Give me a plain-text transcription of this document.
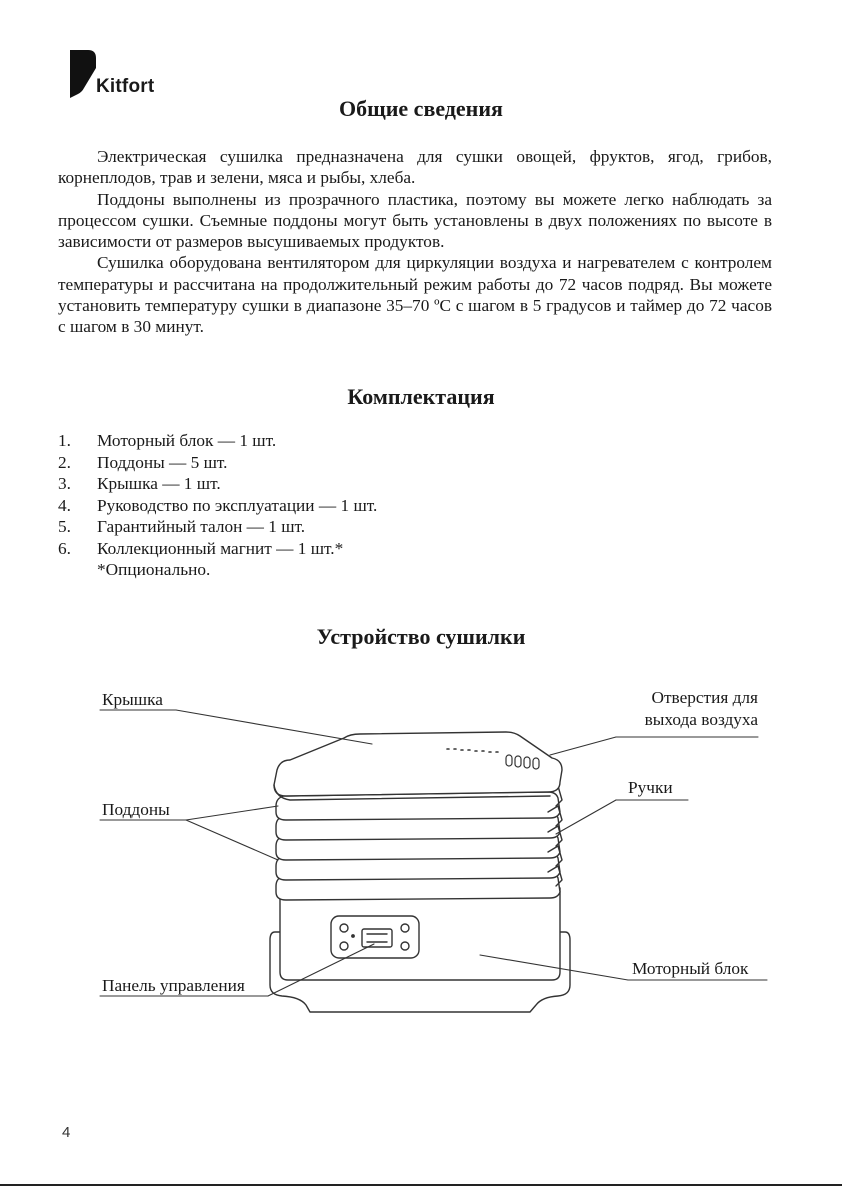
Kitfort
Общие сведения

Электрическая сушилка предназначена для сушки овощей, фруктов, ягод, грибов, корнеплодов, трав и зелени, мяса и рыбы, хлеба.

Поддоны выполнены из прозрачного пластика, поэтому вы можете легко наблюдать за процессом сушки. Съемные поддоны могут быть установлены в двух положениях по высоте в зависимости от размеров высушиваемых продуктов.

Сушилка оборудована вентилятором для циркуляции воздуха и нагревателем с контролем температуры и рассчитана на продолжительный режим работы до 72 часов подряд. Вы можете установить температуру сушки в диапазоне 35–70 ºС с шагом в 5 градусов и таймер до 72 часов с шагом в 30 минут.

Комплектация
1.	Моторный блок — 1 шт.
2.	Поддоны — 5 шт.
3.	Крышка — 1 шт.
4.	Руководство по эксплуатации — 1 шт.
5.	Гарантийный талон — 1 шт.
6.	Коллекционный магнит — 1 шт.*
*Опционально.
Устройство сушилки
Крышка	Отверстия для
выхода воздуха
Ручки
Поддоны
Моторный блок
Панель управления
4
